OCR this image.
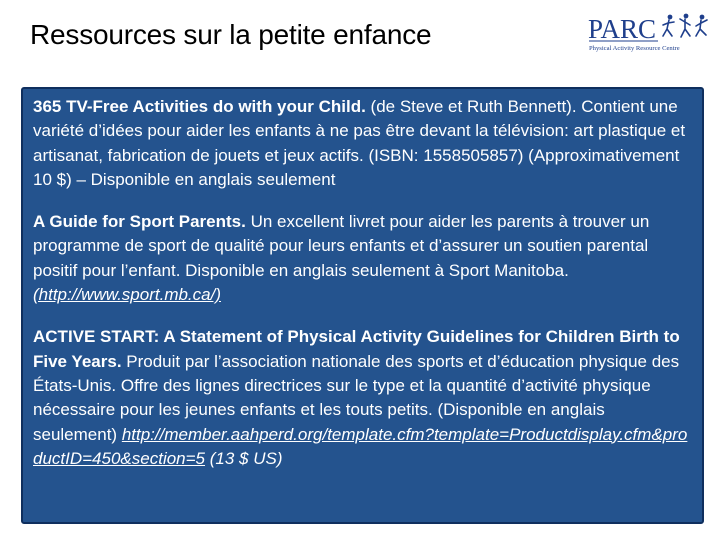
Ressources sur la petite enfance	PARC
Physical Activity Resource Centre

365 TV-Free Activities do with your Child. (de Steve et Ruth Bennett). Contient une variété d’idées pour aider les enfants à ne pas être devant la télévision: art plastique et artisanat, fabrication de jouets et jeux actifs. (ISBN: 1558505857) (Approximativement 10 $) – Disponible en anglais seulement

A Guide for Sport Parents. Un excellent livret pour aider les parents à trouver un programme de sport de qualité pour leurs enfants et d’assurer un soutien parental positif pour l’enfant. Disponible en anglais seulement à Sport Manitoba. (http://www.sport.mb.ca/)

ACTIVE START: A Statement of Physical Activity Guidelines for Children Birth to Five Years. Produit par l’association nationale des sports et d’éducation physique des États-Unis. Offre des lignes directrices sur le type et la quantité d’activité physique nécessaire pour les jeunes enfants et les touts petits. (Disponible en anglais seulement) http://member.aahperd.org/template.cfm?template=Productdisplay.cfm&productID=450&section=5 (13 $ US)
